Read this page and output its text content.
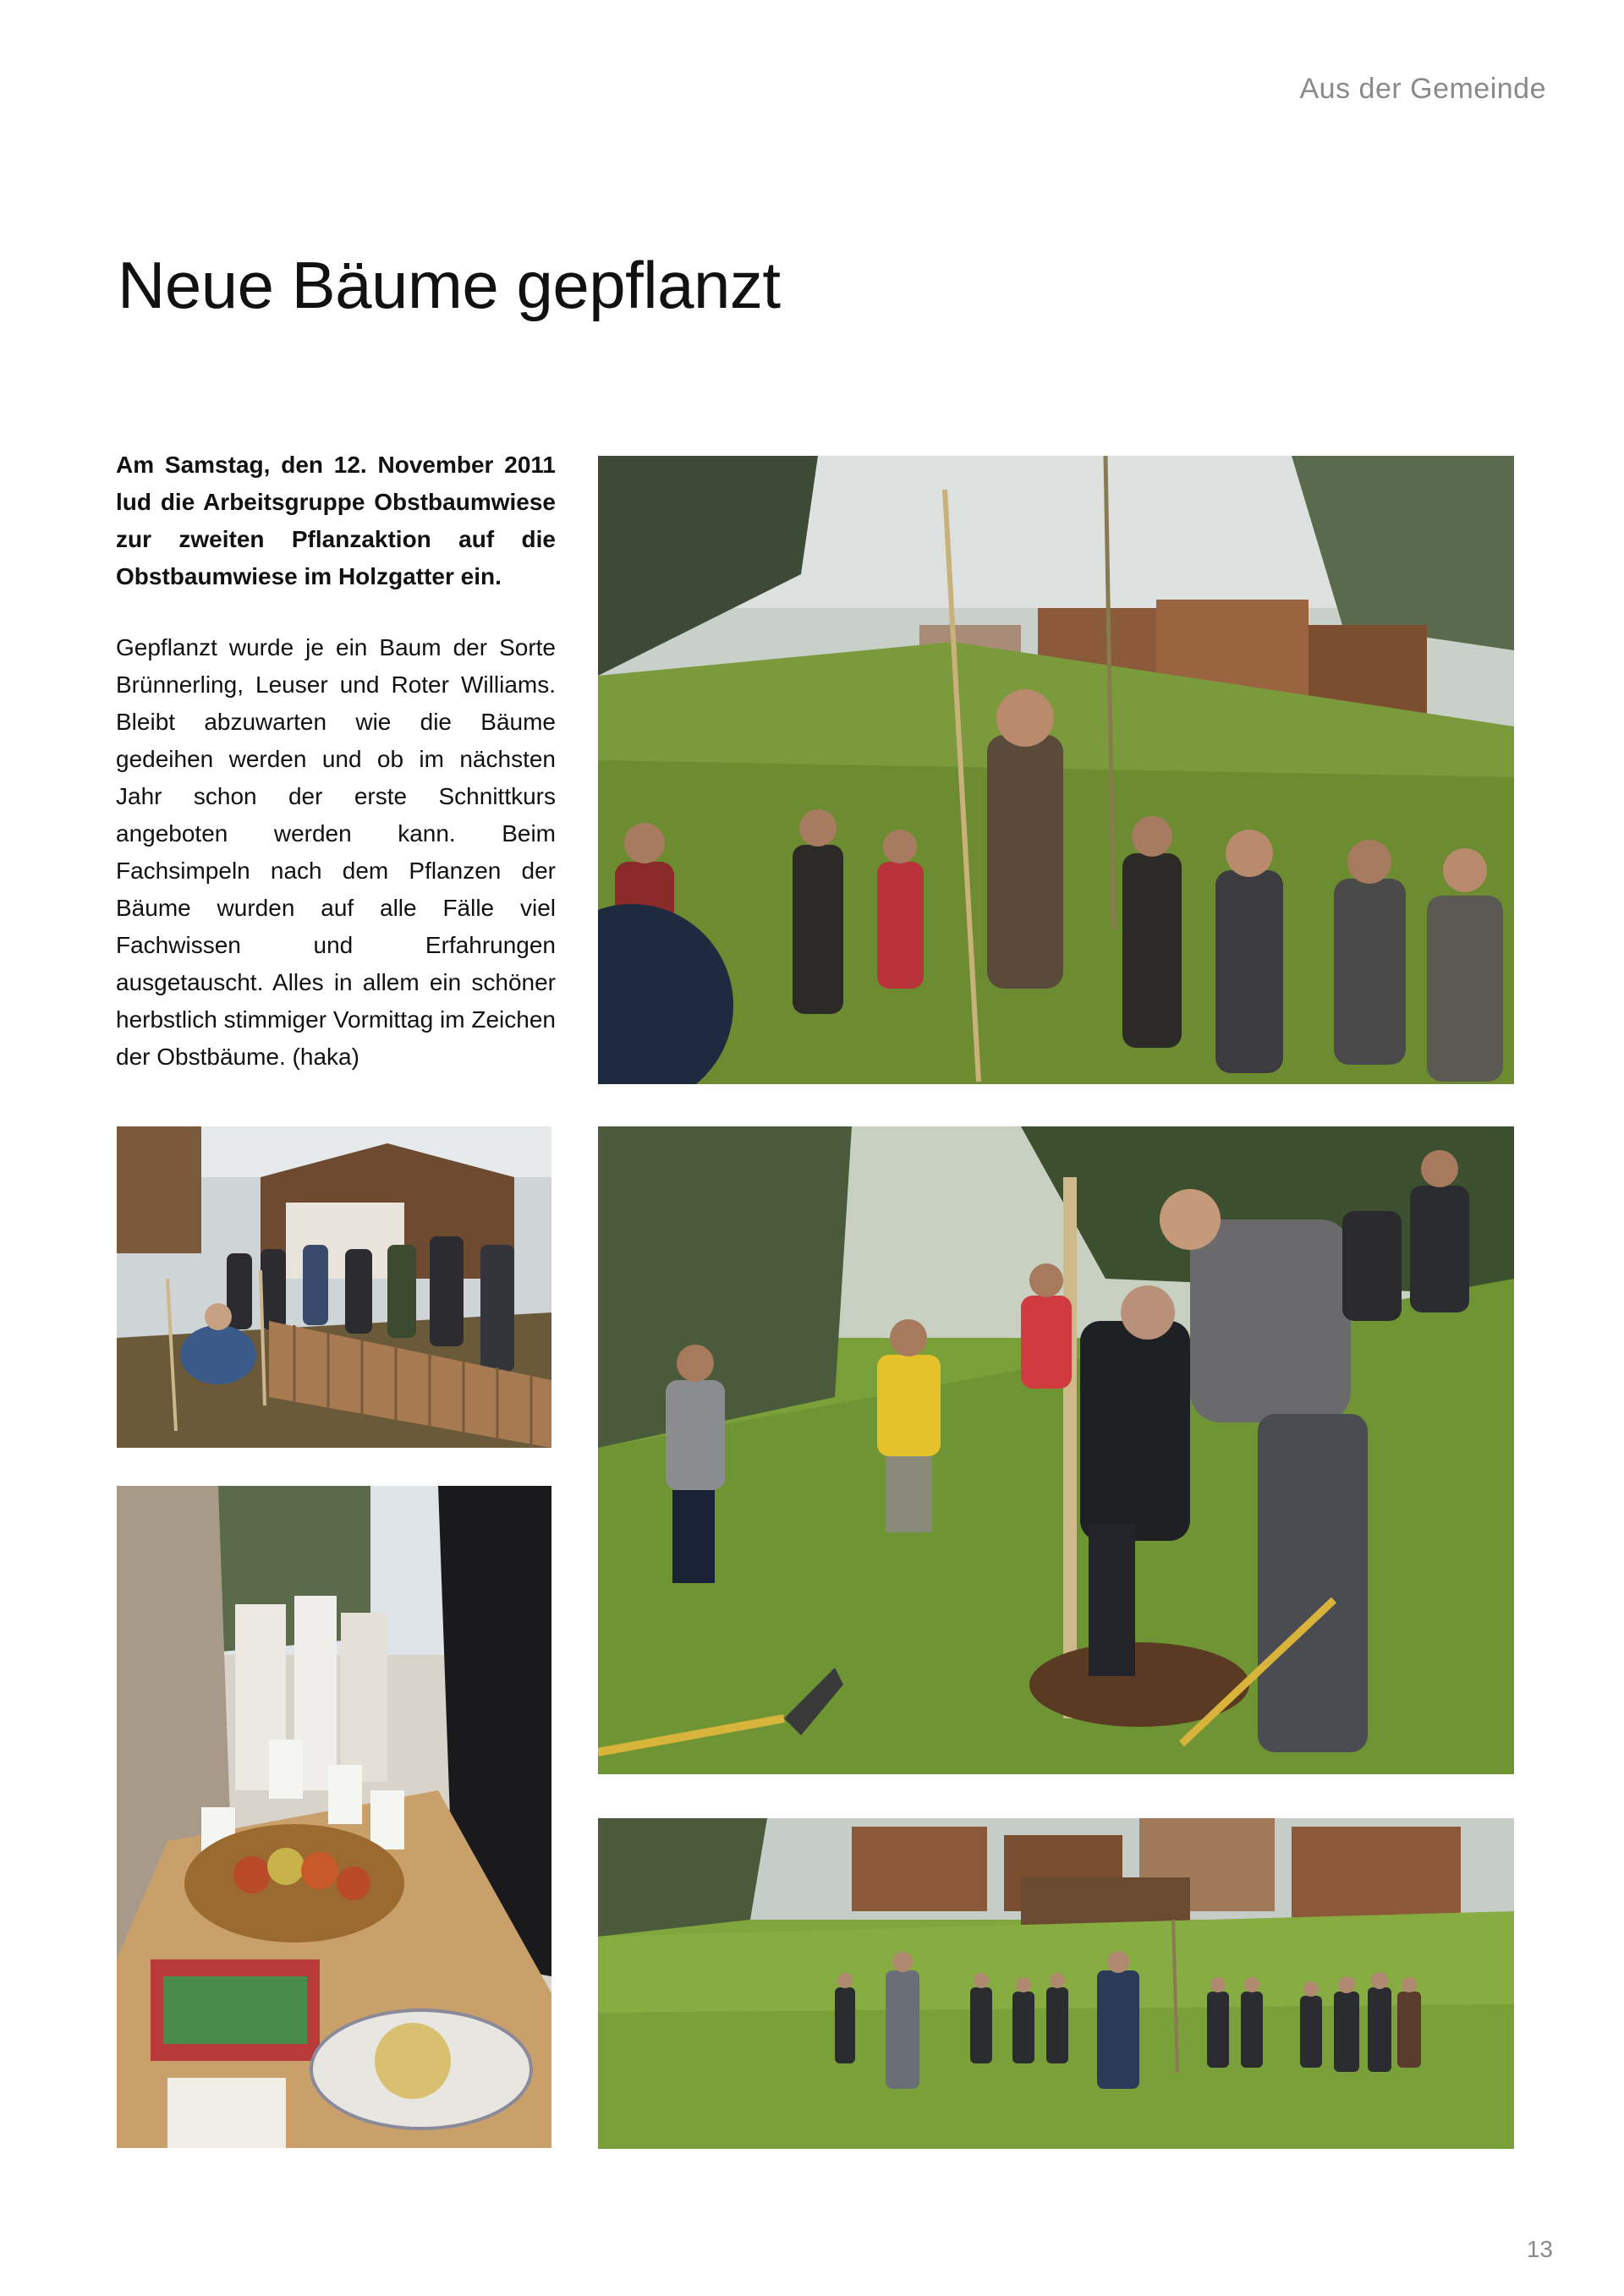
Aus der Gemeinde
Neue Bäume gepflanzt

Am Samstag, den 12. November 2011 lud die Arbeitsgruppe Obstbaumwiese zur zweiten Pflanzaktion auf die Obstbaumwiese im Holzgatter ein.

Gepflanzt wurde je ein Baum der Sorte Brünnerling, Leuser und Roter Williams. Bleibt abzuwarten wie die Bäume gedeihen werden und ob im nächsten Jahr schon der erste Schnittkurs angeboten werden kann. Beim Fachsimpeln nach dem Pflanzen der Bäume wurden auf alle Fälle viel Fachwissen und Erfahrungen ausgetauscht. Alles in allem ein schöner herbstlich stimmiger Vormittag im Zeichen der Obstbäume. (haka)

13
